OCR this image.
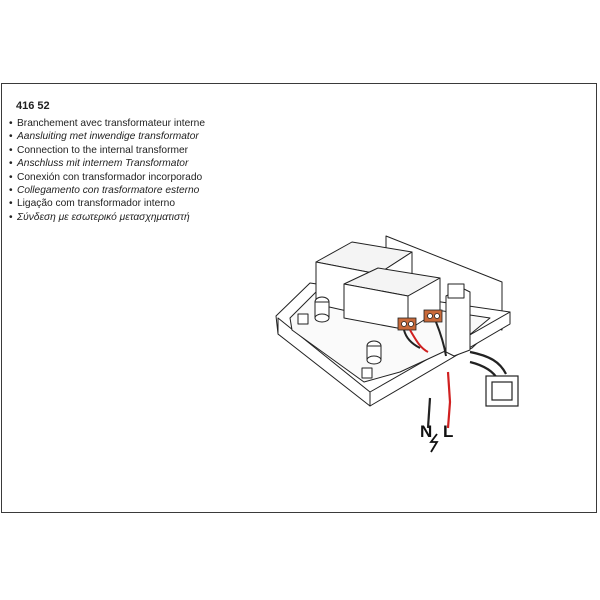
416 52
• Branchement avec transformateur interne
• Aansluiting met inwendige transformator
• Connection to the internal transformer
• Anschluss mit internem Transformator
• Conexión con transformador incorporado
• Collegamento con trasformatore esterno
• Ligação com transformador interno
• Σύνδεση με εσωτερικό μετασχηματιστή
N L
